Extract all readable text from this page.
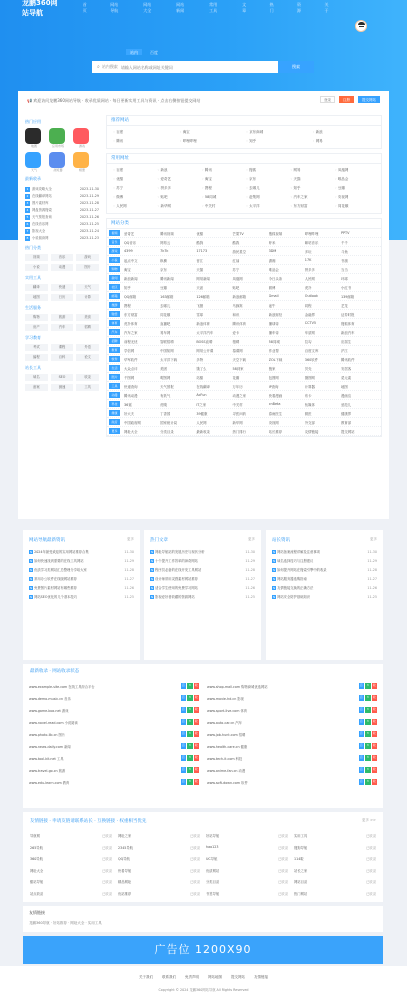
龙鹏360网站导航
首页
网站导航
网站大全
网站新闻
常用工具
文章
热门
资源
关于
站内	百度
⌕ 站内搜索
请输入网站名称或网址关键词	搜索
📢 欢迎访问龙鹏360网站导航 · 收录优质网站 · 每日更新实用工具与资讯 · 点击右侧按钮提交网站	登录	注册	提交网站
热门应用
地图	应用市场	游戏
天气	浏览器	相册
最新收录
1 游戏攻略大全	2023-11-30
2 在线翻译网站	2023-11-29
3 图片素材库	2023-11-28
4 网盘资源搜索	2023-11-27
5 天气预报查询	2023-11-26
6 在线音乐网	2023-11-25
7 影视大全	2023-11-24
8 小说阅读网	2023-11-23
热门分类
视频	音乐	游戏
小说	动漫	图片
实用工具
翻译	快递	天气
地图	日历	计算
生活服务
购物	旅游	美食
房产	汽车	招聘
学习教育
考试	课程	外语
编程	百科	论文
站长工具
域名	SEO	收录
备案	测速	工具
推荐网站
◦ 百度	◦ 淘宝	◦ 京东商城	◦ 新浪
◦ 腾讯	◦ 哔哩哔哩	◦ 知乎	◦ 网易
常用网址
◦ 百度	◦ 新浪	◦ 腾讯	◦ 搜狐	◦ 网易	◦ 凤凰网
◦ 优酷	◦ 爱奇艺	◦ 淘宝	◦ 京东	◦ 天猫	◦ 唯品会
◦ 苏宁	◦ 拼多多	◦ 携程	◦ 去哪儿	◦ 知乎	◦ 豆瓣
◦ 微博	◦ 贴吧	◦ 58同城	◦ 赶集网	◦ 汽车之家	◦ 央视网
◦ 人民网	◦ 新华网	◦ 中关村	◦ 太平洋	◦ 东方财富	◦ 同花顺
网站分类
视频	爱奇艺	腾讯视频	优酷	芒果TV	搜狐视频	哔哩哔哩	PPTV
音乐	QQ音乐	网易云	酷狗	酷我	虾米	咪咕音乐	千千
游戏	4399	7k7k	17173	游民星空	3DM	多玩	斗鱼
小说	起点中文	纵横	晋江	红袖	潇湘	17K	书旗
购物	淘宝	京东	天猫	苏宁	唯品会	拼多多	当当
新闻	新浪新闻	腾讯新闻	网易新闻	凤凰网	今日头条	人民网	环球
社区	知乎	豆瓣	天涯	贴吧	微博	虎扑	小红书
邮箱	QQ邮箱	163邮箱	126邮箱	新浪邮箱	Gmail	Outlook	139邮箱
旅游	携程	去哪儿	飞猪	马蜂窝	途牛	同程	艺龙
财经	东方财富	同花顺	雪球	和讯	新浪财经	金融界	证券时报
体育	虎扑体育	直播吧	新浪体育	腾讯体育	懂球帝	CCTV5	搜狐体育
汽车	汽车之家	易车网	太平洋汽车	爱卡	懂车帝	车质网	新浪汽车
招聘	前程无忧	智联招聘	BOSS直聘	猎聘	58同城	拉勾	应届生
教育	学信网	中国知网	网易公开课	慕课网	作业帮	百度文库	沪江
软件	华军软件	太平洋下载	多特	天空下载	ZOL下载	360软件	腾讯软件
生活	大众点评	美团	饿了么	58到家	链家	贝壳	安居客
图片	千图网	昵图网	站酷	花瓣	包图网	摄图网	觅元素
工具	快递查询	天气预报	在线翻译	万年历	IP查询	计算器	地图
动漫	腾讯动漫	有妖气	AcFun	动漫之家	快看漫画	布卡	漫画岛
科技	36氪	虎嗅	IT之家	中关村	cnBeta	钛媒体	爱范儿
健康	好大夫	丁香园	39健康	寻医问药	春雨医生	微医	健康界
政府	中国政府网	国家统计局	人民网	新华网	央视网	外交部	教育部
更多	网址大全	分类目录	最新收录	热门排行	站长推荐	友情链接	提交网站
网站导航最新资讯	更多
N 2024年最受欢迎的实用网站推荐合集	11-30
N 如何快速找到需要的在线工具网站	11-29
N 优质学习类网站汇总整理分享给大家	11-28
N 常用办公软件在线版网站推荐	11-27
N 免费图片素材网站有哪些推荐	11-26
N 网站SEO优化的几个基本技巧	11-25
热门文章	更多
N 网址导航站的发展历史与现状分析	11-30
N 十个提升工作效率的神奇网站	11-29
N 程序员必备的在线开发工具网站	11-28
N 设计师常用灵感素材网站推荐	11-27
N 适合学生使用的免费学习网站	11-26
N 影视爱好者收藏的资源网站	11-25
站长资讯	更多
N 网站备案流程详解及注意事项	11-30
N 域名选择技巧与注册建议	11-29
N 如何提升网站在搜索引擎中的收录	11-28
N 网站服务器选购指南	11-27
N 友情链接交换的正确方法	11-26
N 网站安全防护基础知识	11-25
最新收录 · 网站收录状态
www.example-site.com 在线工具综合平台	百	3	收
www.demo-music.cn 音乐	百	3	收
www.game-box.net 游戏	百	3	收
www.novel-read.com 小说阅读	百	3	收
www.photo-lib.cn 图片	百	3	收
www.news-daily.com 新闻	百	3	收
www.tool-kit.net 工具	百	3	收
www.travel-go.cn 旅游	百	3	收
www.edu-learn.com 教育	百	3	收
www.shop-mall.com 购物商城优选网站	百	3	收
www.movie-hd.cn 影视	百	3	收
www.sport-live.com 体育	百	3	收
www.auto-car.cn 汽车	百	3	收
www.job-hunt.com 招聘	百	3	收
www.health-care.cn 健康	百	3	收
www.tech-it.com 科技	百	3	收
www.anime-fan.cn 动漫	百	3	收
www.soft-down.com 软件	百	3	收
友情链接 · 申请友链请联系站长 · 互换链接 · 权重相当优先	更多 >>
导航网	已收录 网址之家	已收录 好站导航	已收录 实用工具	已收录
265导航	已收录 2345导航	已收录 hao123	已收录 搜狗导航	已收录
360导航	已收录 QQ导航	已收录 UC导航	已收录 114啦	已收录
网址大全	已收录 快看导航	已收录 优质网站	已收录 站长之家	已收录
酷站导航	已收录 精品网址	已收录 分类目录	已收录 网站目录	已收录
站点收录	已收录 优站推荐	已收录 书签导航	已收录 热门网站	已收录
友情链接
龙鹏360导航 · 好站推荐 · 网址大全 · 实用工具
广告位 1200X90
关于我们	联系我们	免责声明	网站地图	提交网站	友情链接
Copyright © 2024 龙鹏360网站导航 All Rights Reserved
